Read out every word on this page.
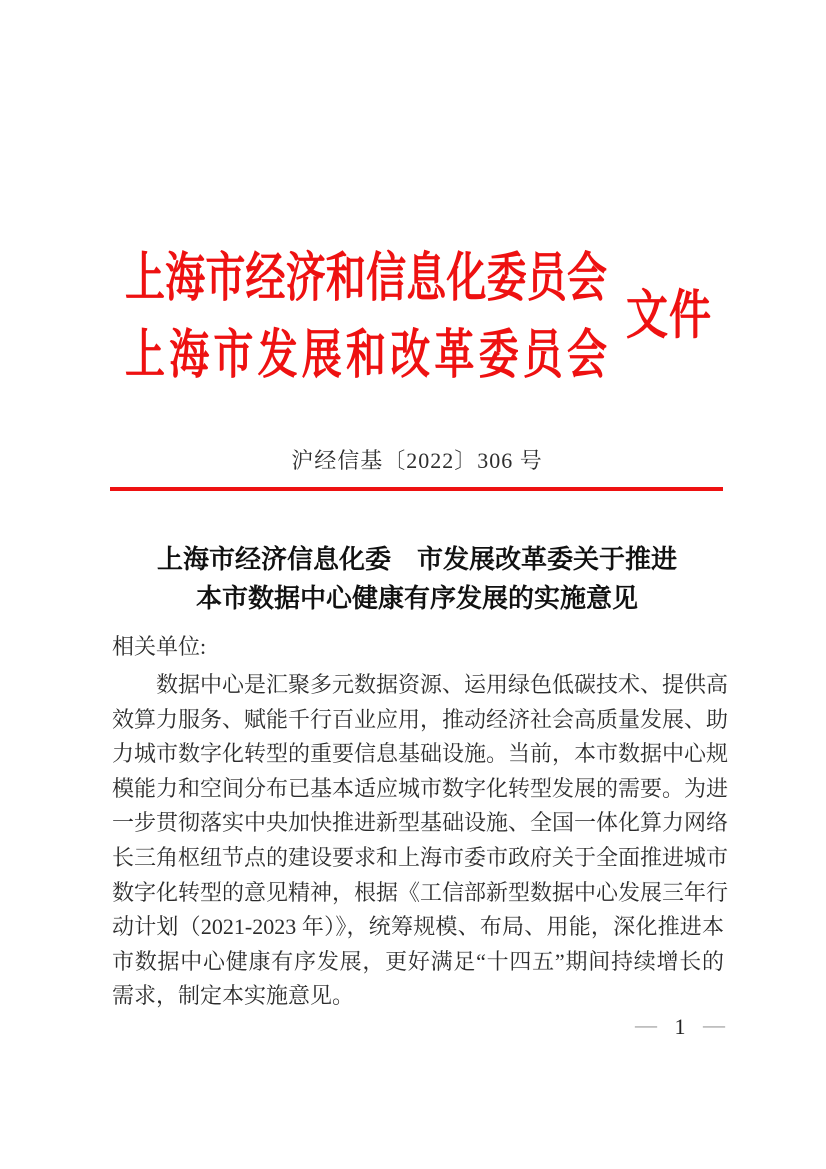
上海市经济和信息化委员会
上海市发展和改革委员会
文件
沪经信基〔2022〕306 号
上海市经济信息化委　市发展改革委关于推进
本市数据中心健康有序发展的实施意见
相关单位:
数据中心是汇聚多元数据资源、运用绿色低碳技术、提供高
效算力服务、赋能千行百业应用，推动经济社会高质量发展、助
力城市数字化转型的重要信息基础设施。当前，本市数据中心规
模能力和空间分布已基本适应城市数字化转型发展的需要。为进
一步贯彻落实中央加快推进新型基础设施、全国一体化算力网络
长三角枢纽节点的建设要求和上海市委市政府关于全面推进城市
数字化转型的意见精神，根据《工信部新型数据中心发展三年行
动计划（2021-2023 年）》，统筹规模、布局、用能，深化推进本
市数据中心健康有序发展，更好满足“十四五”期间持续增长的
需求，制定本实施意见。
— 1 —
